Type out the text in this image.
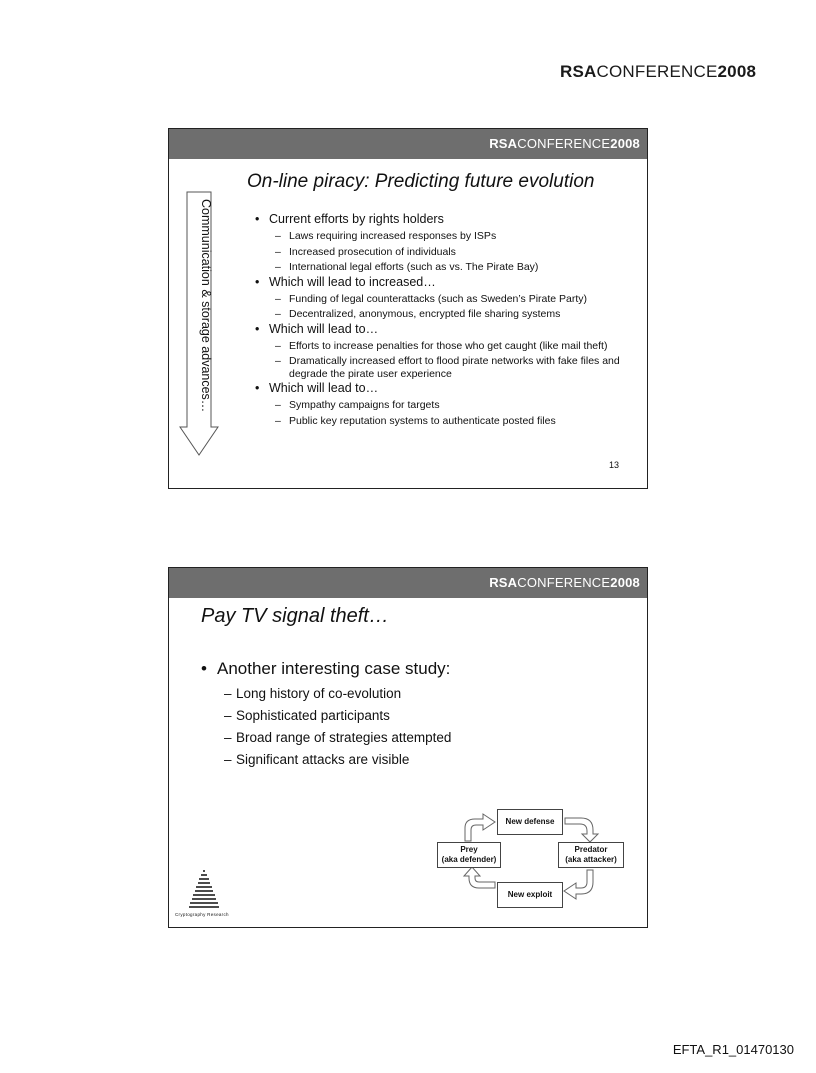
RSACONFERENCE2008
RSACONFERENCE2008
On-line piracy: Predicting future evolution
Communication & storage advances…	• Current efforts by rights holders
– Laws requiring increased responses by ISPs
– Increased prosecution of individuals
– International legal efforts (such as vs. The Pirate Bay)
• Which will lead to increased…
– Funding of legal counterattacks (such as Sweden’s Pirate Party)
– Decentralized, anonymous, encrypted file sharing systems
• Which will lead to…
– Efforts to increase penalties for those who get caught (like mail theft)
– Dramatically increased effort to flood pirate networks with fake files and degrade the pirate user experience
• Which will lead to…
– Sympathy campaigns for targets
– Public key reputation systems to authenticate posted files
13
RSACONFERENCE2008
Pay TV signal theft…
• Another interesting case study:
– Long history of co-evolution
– Sophisticated participants
– Broad range of strategies attempted
– Significant attacks are visible
New defense
Prey
(aka defender)
Predator
(aka attacker)
New exploit
Cryptography Research
EFTA_R1_01470130
